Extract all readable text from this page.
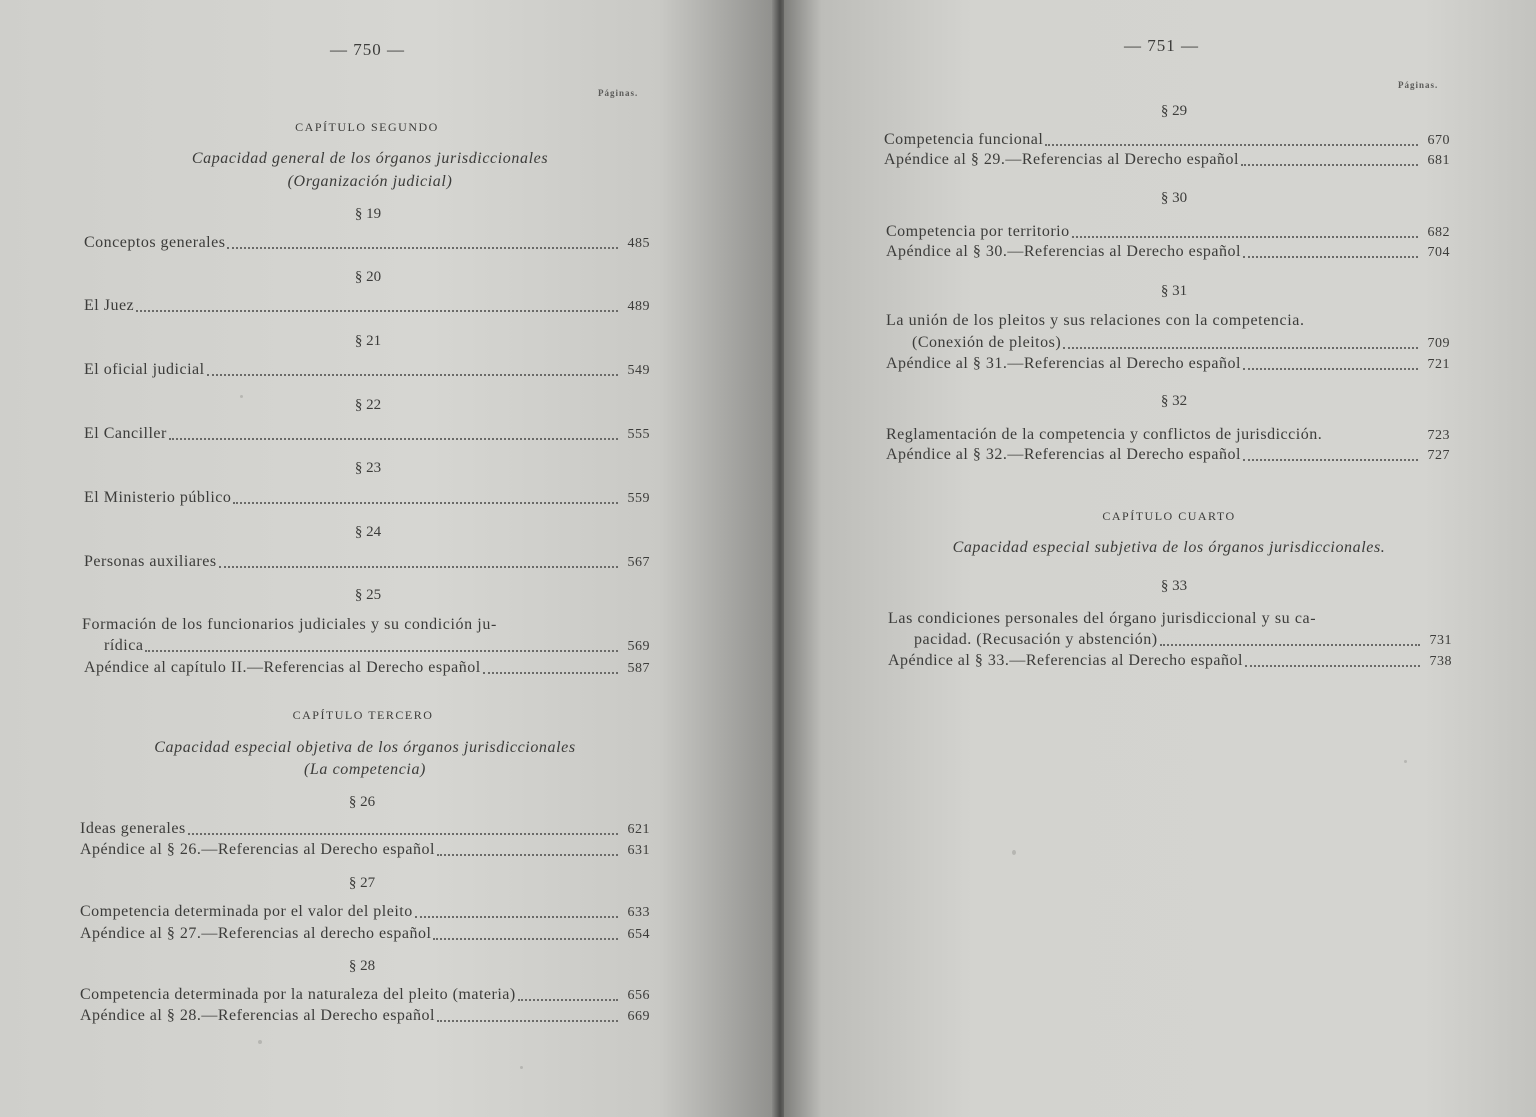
— 750 —
Páginas.
CAPÍTULO SEGUNDO
Capacidad general de los órganos jurisdiccionales
(Organización judicial)
§ 19
Conceptos generales	485
§ 20
El Juez	489
§ 21
El oficial judicial	549
§ 22
El Canciller	555
§ 23
El Ministerio público	559
§ 24
Personas auxiliares	567
§ 25
Formación de los funcionarios judiciales y su condición ju-
rídica	569
Apéndice al capítulo II.—Referencias al Derecho español	587
CAPÍTULO TERCERO
Capacidad especial objetiva de los órganos jurisdiccionales
(La competencia)
§ 26
Ideas generales	621
Apéndice al § 26.—Referencias al Derecho español	631
§ 27
Competencia determinada por el valor del pleito	633
Apéndice al § 27.—Referencias al derecho español	654
§ 28
Competencia determinada por la naturaleza del pleito (materia)	656
Apéndice al § 28.—Referencias al Derecho español	669
— 751 —
Páginas.
§ 29
Competencia funcional	670
Apéndice al § 29.—Referencias al Derecho español	681
§ 30
Competencia por territorio	682
Apéndice al § 30.—Referencias al Derecho español	704
§ 31
La unión de los pleitos y sus relaciones con la competencia.
(Conexión de pleitos)	709
Apéndice al § 31.—Referencias al Derecho español	721
§ 32
Reglamentación de la competencia y conflictos de jurisdicción.	723
Apéndice al § 32.—Referencias al Derecho español	727
CAPÍTULO CUARTO
Capacidad especial subjetiva de los órganos jurisdiccionales.
§ 33
Las condiciones personales del órgano jurisdiccional y su ca-
pacidad. (Recusación y abstención)	731
Apéndice al § 33.—Referencias al Derecho español	738
